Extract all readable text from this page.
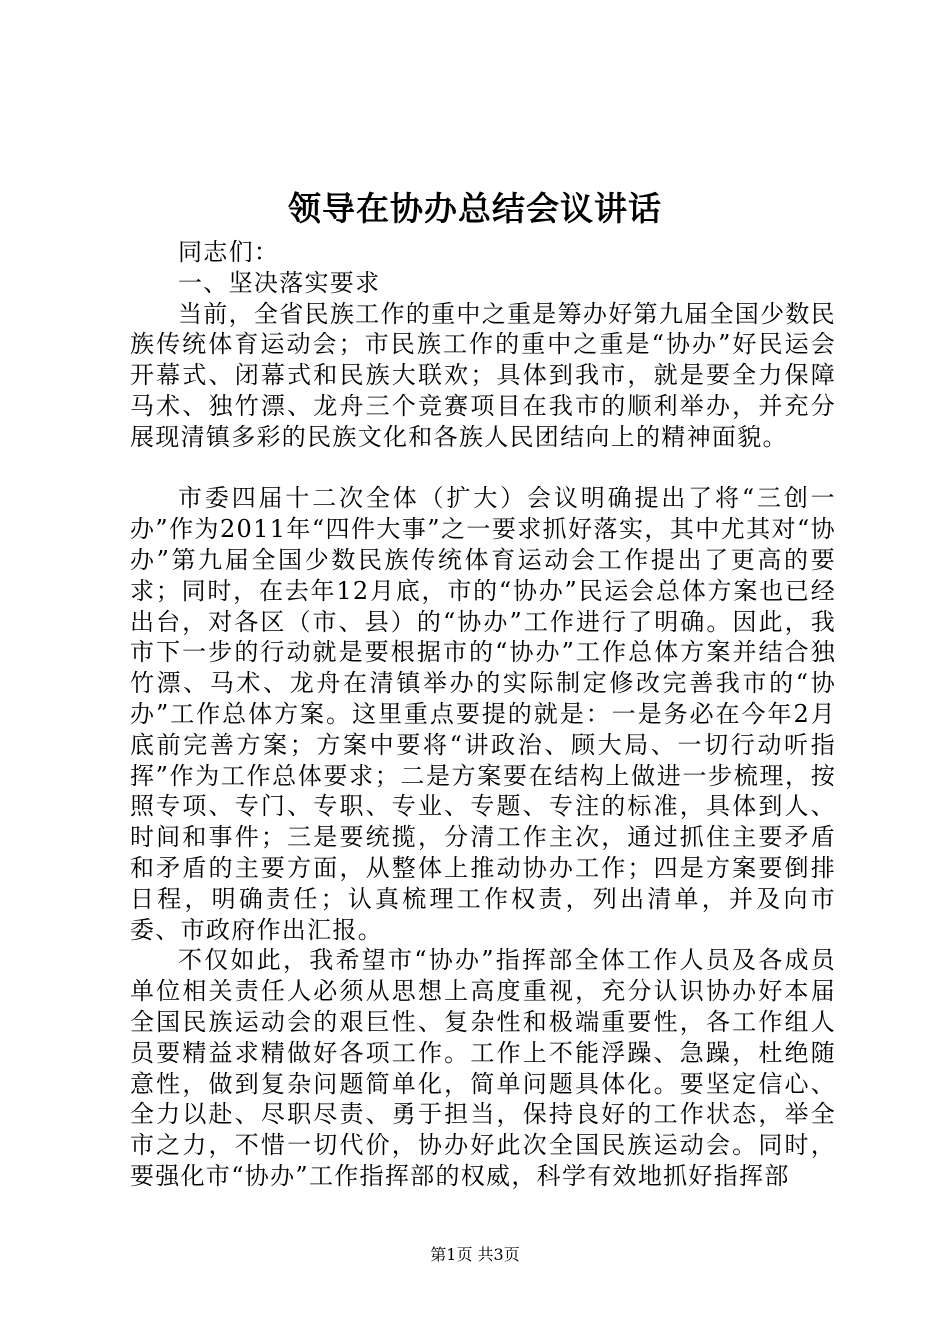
领导在协办总结会议讲话

同志们：

一、坚决落实要求

当前，全省民族工作的重中之重是筹办好第九届全国少数民族传统体育运动会；市民族工作的重中之重是“协办”好民运会开幕式、闭幕式和民族大联欢；具体到我市，就是要全力保障马术、独竹漂、龙舟三个竞赛项目在我市的顺利举办，并充分展现清镇多彩的民族文化和各族人民团结向上的精神面貌。

市委四届十二次全体（扩大）会议明确提出了将“三创一办”作为2011年“四件大事”之一要求抓好落实，其中尤其对“协办”第九届全国少数民族传统体育运动会工作提出了更高的要求；同时，在去年12月底，市的“协办”民运会总体方案也已经出台，对各区（市、县）的“协办”工作进行了明确。因此，我市下一步的行动就是要根据市的“协办”工作总体方案并结合独竹漂、马术、龙舟在清镇举办的实际制定修改完善我市的“协办”工作总体方案。这里重点要提的就是：一是务必在今年2月底前完善方案；方案中要将“讲政治、顾大局、一切行动听指挥”作为工作总体要求；二是方案要在结构上做进一步梳理，按照专项、专门、专职、专业、专题、专注的标准，具体到人、时间和事件；三是要统揽，分清工作主次，通过抓住主要矛盾和矛盾的主要方面，从整体上推动协办工作；四是方案要倒排日程，明确责任；认真梳理工作权责，列出清单，并及向市委、市政府作出汇报。

不仅如此，我希望市“协办”指挥部全体工作人员及各成员单位相关责任人必须从思想上高度重视，充分认识协办好本届全国民族运动会的艰巨性、复杂性和极端重要性，各工作组人员要精益求精做好各项工作。工作上不能浮躁、急躁，杜绝随意性，做到复杂问题简单化，简单问题具体化。要坚定信心、全力以赴、尽职尽责、勇于担当，保持良好的工作状态，举全市之力，不惜一切代价，协办好此次全国民族运动会。同时，要强化市“协办”工作指挥部的权威，科学有效地抓好指挥部

第1页 共3页
